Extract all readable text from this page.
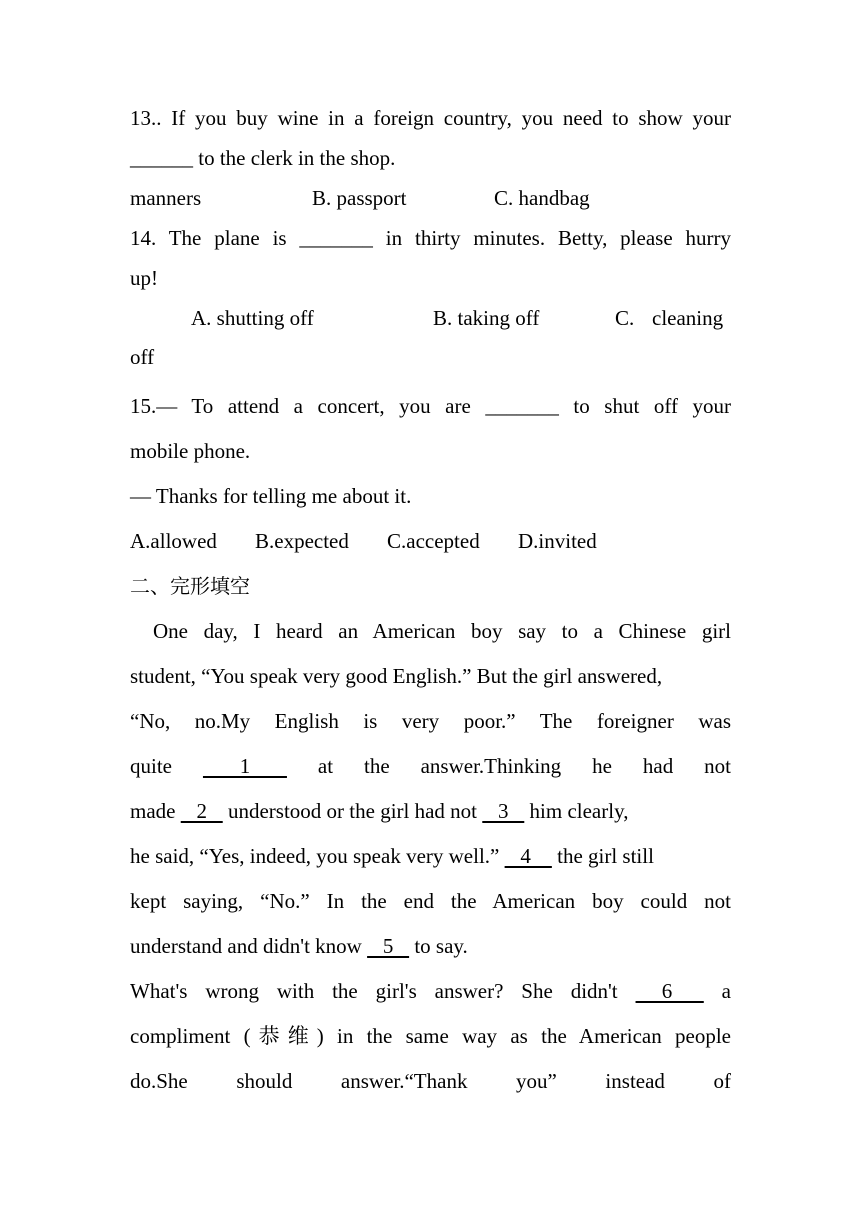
13.. If you buy wine in a foreign country, you need to show your
______ to the clerk in the shop.
manners	B. passport	C. handbag
14. The plane is _______ in thirty minutes. Betty, please hurry
up!
A. shutting off	B. taking off	C. cleaning
off
15.— To attend a concert, you are _______ to shut off your
mobile phone.
— Thanks for telling me about it.
A.allowed B.expected C.accepted D.invited
二、完形填空
One day, I heard an American boy say to a Chinese girl
student, “You speak very good English.” But the girl answered,
“No, no.My English is very poor.” The foreigner was
quite        1        at the answer.Thinking he had not
made    2    understood or the girl had not    3    him clearly,
he said, “Yes, indeed, you speak very well.”    4     the girl still
kept saying, “No.” In the end the American boy could not
understand and didn't know    5    to say.
What's wrong with the girl's answer? She didn't      6       a
compliment (恭维) in the same way as the American people
do.She should answer.“Thank you” instead of
